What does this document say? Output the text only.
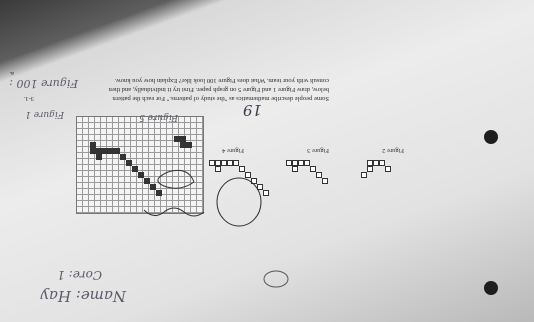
3-1.	Some people describe mathematics as "the study of patterns." For each the pattern
below, draw Figure 1 and Figure 5 on graph paper. First try it individually, and then
consult with your team. What does Figure 100 look like? Explain how you know.
a.
Figure 2
Figure 3
Figure 4
Name: Hay
Core: 1
Figure 1	Figure 5
Figure 100 :
19
